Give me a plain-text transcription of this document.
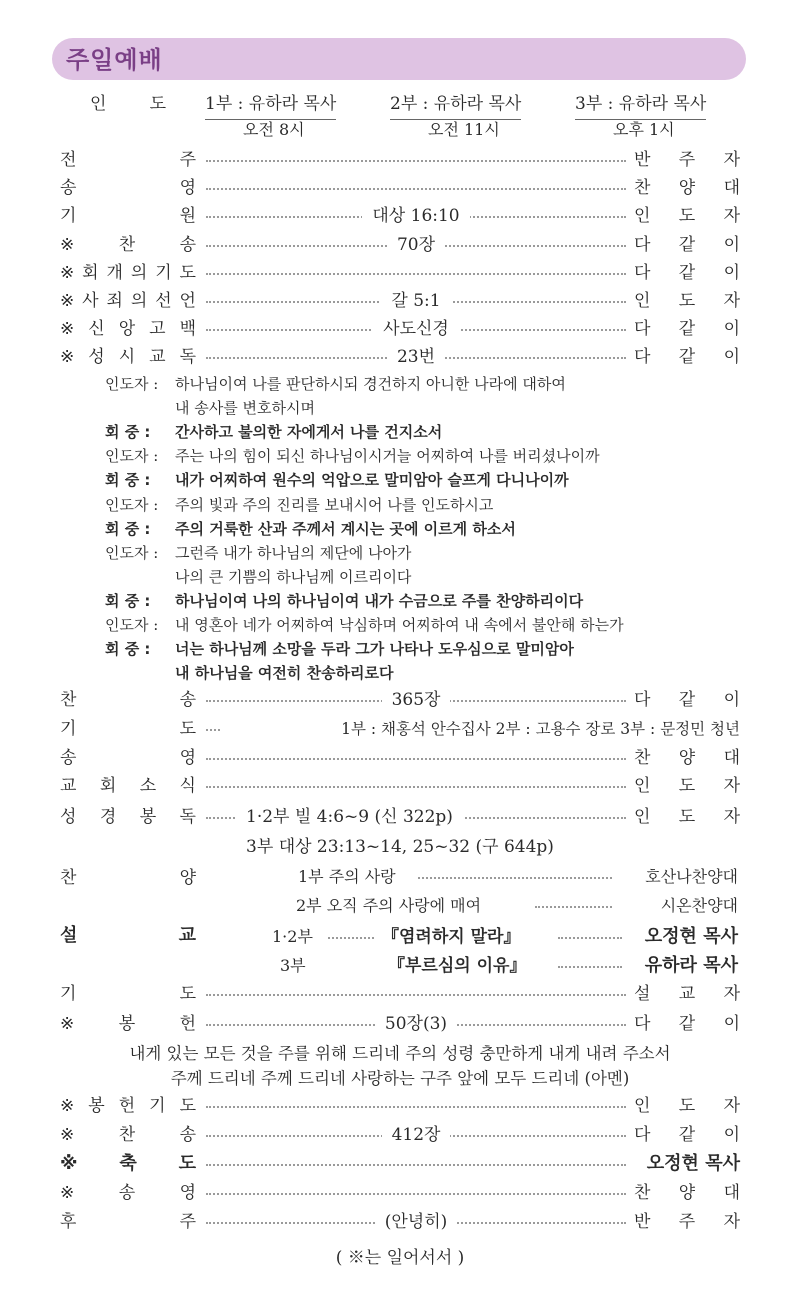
주일예배
인	도 1부 : 유하라 목사
오전 8시
2부 : 유하라 목사
오전 11시
3부 : 유하라 목사
오후 1시
전	주	반 주 자
송	영	찬 양 대
기	원	대상 16:10	인 도 자
※	찬	송	70장	다 같 이
※ 회 개 의 기 도	다 같 이
※ 사 죄 의 선 언	갈 5:1	인 도 자
※ 신 앙 고 백	사도신경	다 같 이
※ 성 시 교 독	23번	다 같 이
인도자 : 하나님이여 나를 판단하시되 경건하지 아니한 나라에 대하여
내 송사를 변호하시며
회 중 : 간사하고 불의한 자에게서 나를 건지소서
인도자 : 주는 나의 힘이 되신 하나님이시거늘 어찌하여 나를 버리셨나이까
회 중 : 내가 어찌하여 원수의 억압으로 말미암아 슬프게 다니나이까
인도자 : 주의 빛과 주의 진리를 보내시어 나를 인도하시고
회 중 : 주의 거룩한 산과 주께서 계시는 곳에 이르게 하소서
인도자 : 그런즉 내가 하나님의 제단에 나아가
나의 큰 기쁨의 하나님께 이르리이다
회 중 : 하나님이여 나의 하나님이여 내가 수금으로 주를 찬양하리이다
인도자 : 내 영혼아 네가 어찌하여 낙심하며 어찌하여 내 속에서 불안해 하는가
회 중 : 너는 하나님께 소망을 두라 그가 나타나 도우심으로 말미암아
내 하나님을 여전히 찬송하리로다
찬	송	365장	다 같 이
기	도	1부 : 채홍석 안수집사 2부 : 고용수 장로 3부 : 문정민 청년
송	영	찬 양 대
교 회 소 식	인 도 자
성 경 봉 독	1·2부 빌 4:6~9 (신 322p)	인 도 자
3부 대상 23:13~14, 25~32 (구 644p)
찬	양	1부 주의 사랑	호산나찬양대
2부 오직 주의 사랑에 매여	시온찬양대
설	교	1·2부	『염려하지 말라』	오정현 목사
3부	『부르심의 이유』	유하라 목사
기	도	설 교 자
※	봉	헌	50장(3)	다 같 이
내게 있는 모든 것을 주를 위해 드리네 주의 성령 충만하게 내게 내려 주소서
주께 드리네 주께 드리네 사랑하는 구주 앞에 모두 드리네 (아멘)
※ 봉 헌 기 도	인 도 자
※	찬	송	412장	다 같 이
※ 축 도	오정현 목사
※	송	영	찬 양 대
후	주	(안녕히)	반 주 자
( ※는 일어서서 )
